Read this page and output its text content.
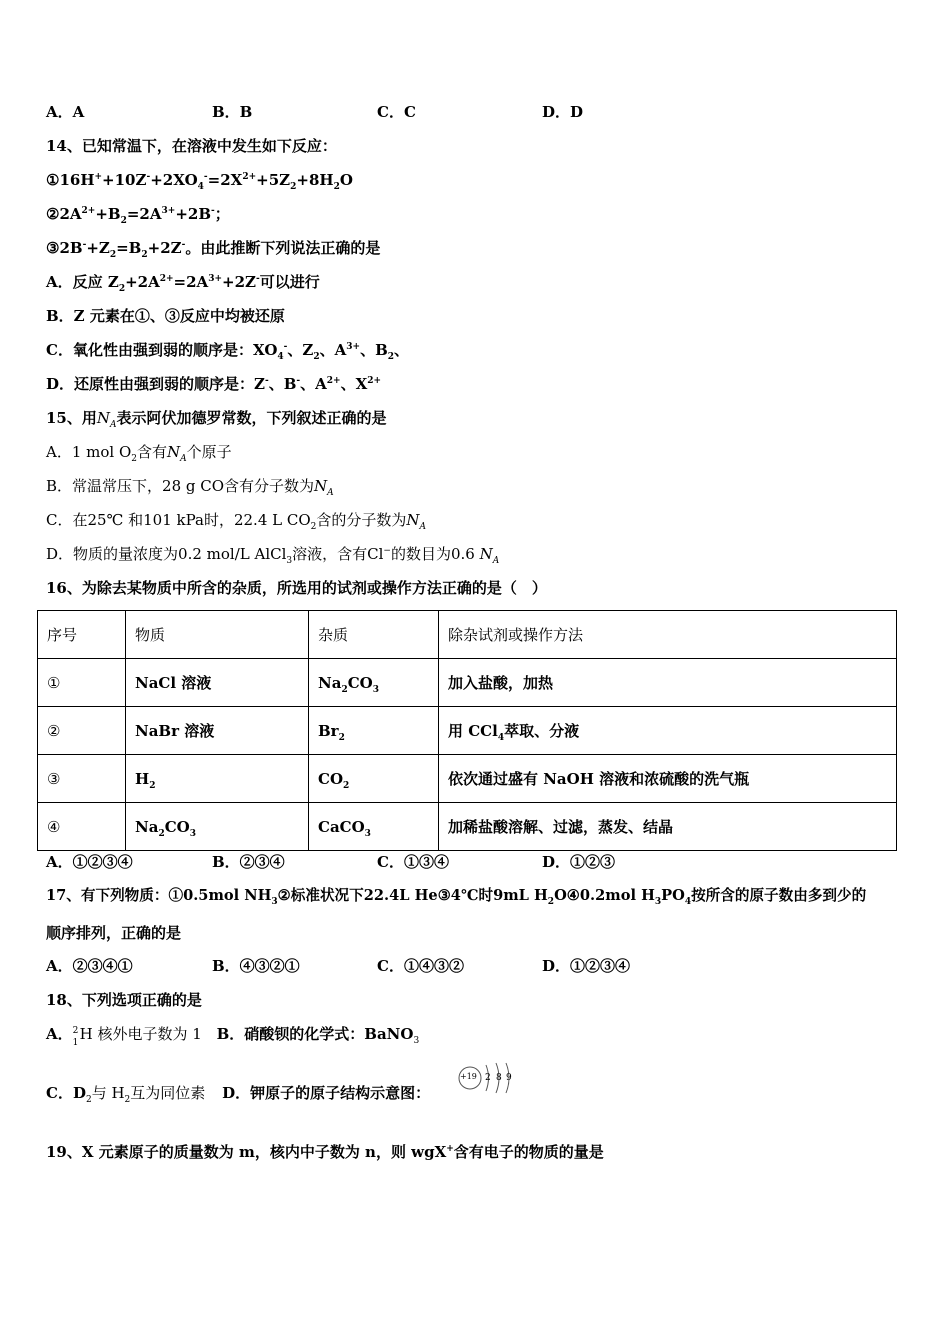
A．A	B．B	C．C	D．D
14、已知常温下，在溶液中发生如下反应：
$①16H^++10Z^-+2XO_4^-=2X^{2+}+5Z_2+8H_2O$
$②2A^{2+}+B_2=2A^{3+}+2B^-$；
$③2B^-+Z_2=B_2+2Z^-$。由此推断下列说法正确的是
A．反应 $Z_2+2A^{2+}=2A^{3+}+2Z^-$可以进行
B．Z 元素在①、③反应中均被还原
C．氧化性由强到弱的顺序是：$XO_4^-$、$Z_2$、$A^{3+}$、$B_2$、
D．还原性由强到弱的顺序是：Z-、B-、$A^{2+}$、$X^{2+}$
15、用$N_A$表示阿伏加德罗常数，下列叙述正确的是
A．1 mol $O_2$含有$N_A$个原子
B．常温常压下，28 g CO含有分子数为$N_A$
C．在25℃ 和101 kPa时，22.4 L $CO_2$含的分子数为$N_A$
D．物质的量浓度为0.2 mol/L AlCl$_3$溶液，含有Cl−的数目为0.6 $N_A$
16、为除去某物质中所含的杂质，所选用的试剂或操作方法正确的是（　）
序号	物质	杂质	除杂试剂或操作方法
①	NaCl 溶液	$Na_2CO_3$	加入盐酸，加热
②	NaBr 溶液	$Br_2$	用 CCl$_4$萃取、分液
③	$H_2$	$CO_2$	依次通过盛有 NaOH 溶液和浓硫酸的洗气瓶
④	$Na_2CO_3$	CaCO$_3$	加稀盐酸溶解、过滤，蒸发、结晶
A．①②③④	B．②③④	C．①③④	D．①②③
17、有下列物质：①0.5mol $NH_3②$标准状况下22.4L He③4℃时9mL $H_2O④0.2mol$ $H_3PO_4$按所含的原子数由多到少的
顺序排列，正确的是
A．②③④①	B．④③②①	C．①④③②	D．①②③④
18、下列选项正确的是
A． 2
1 H 核外电子数为 1 B．硝酸钡的化学式：BaNO$_3$
C．$D_2$与 $H_2$互为同位素 D．钾原子的原子结构示意图：
+19 2 8 9
19、X 元素原子的质量数为 m，核内中子数为 n，则 wgX+含有电子的物质的量是
